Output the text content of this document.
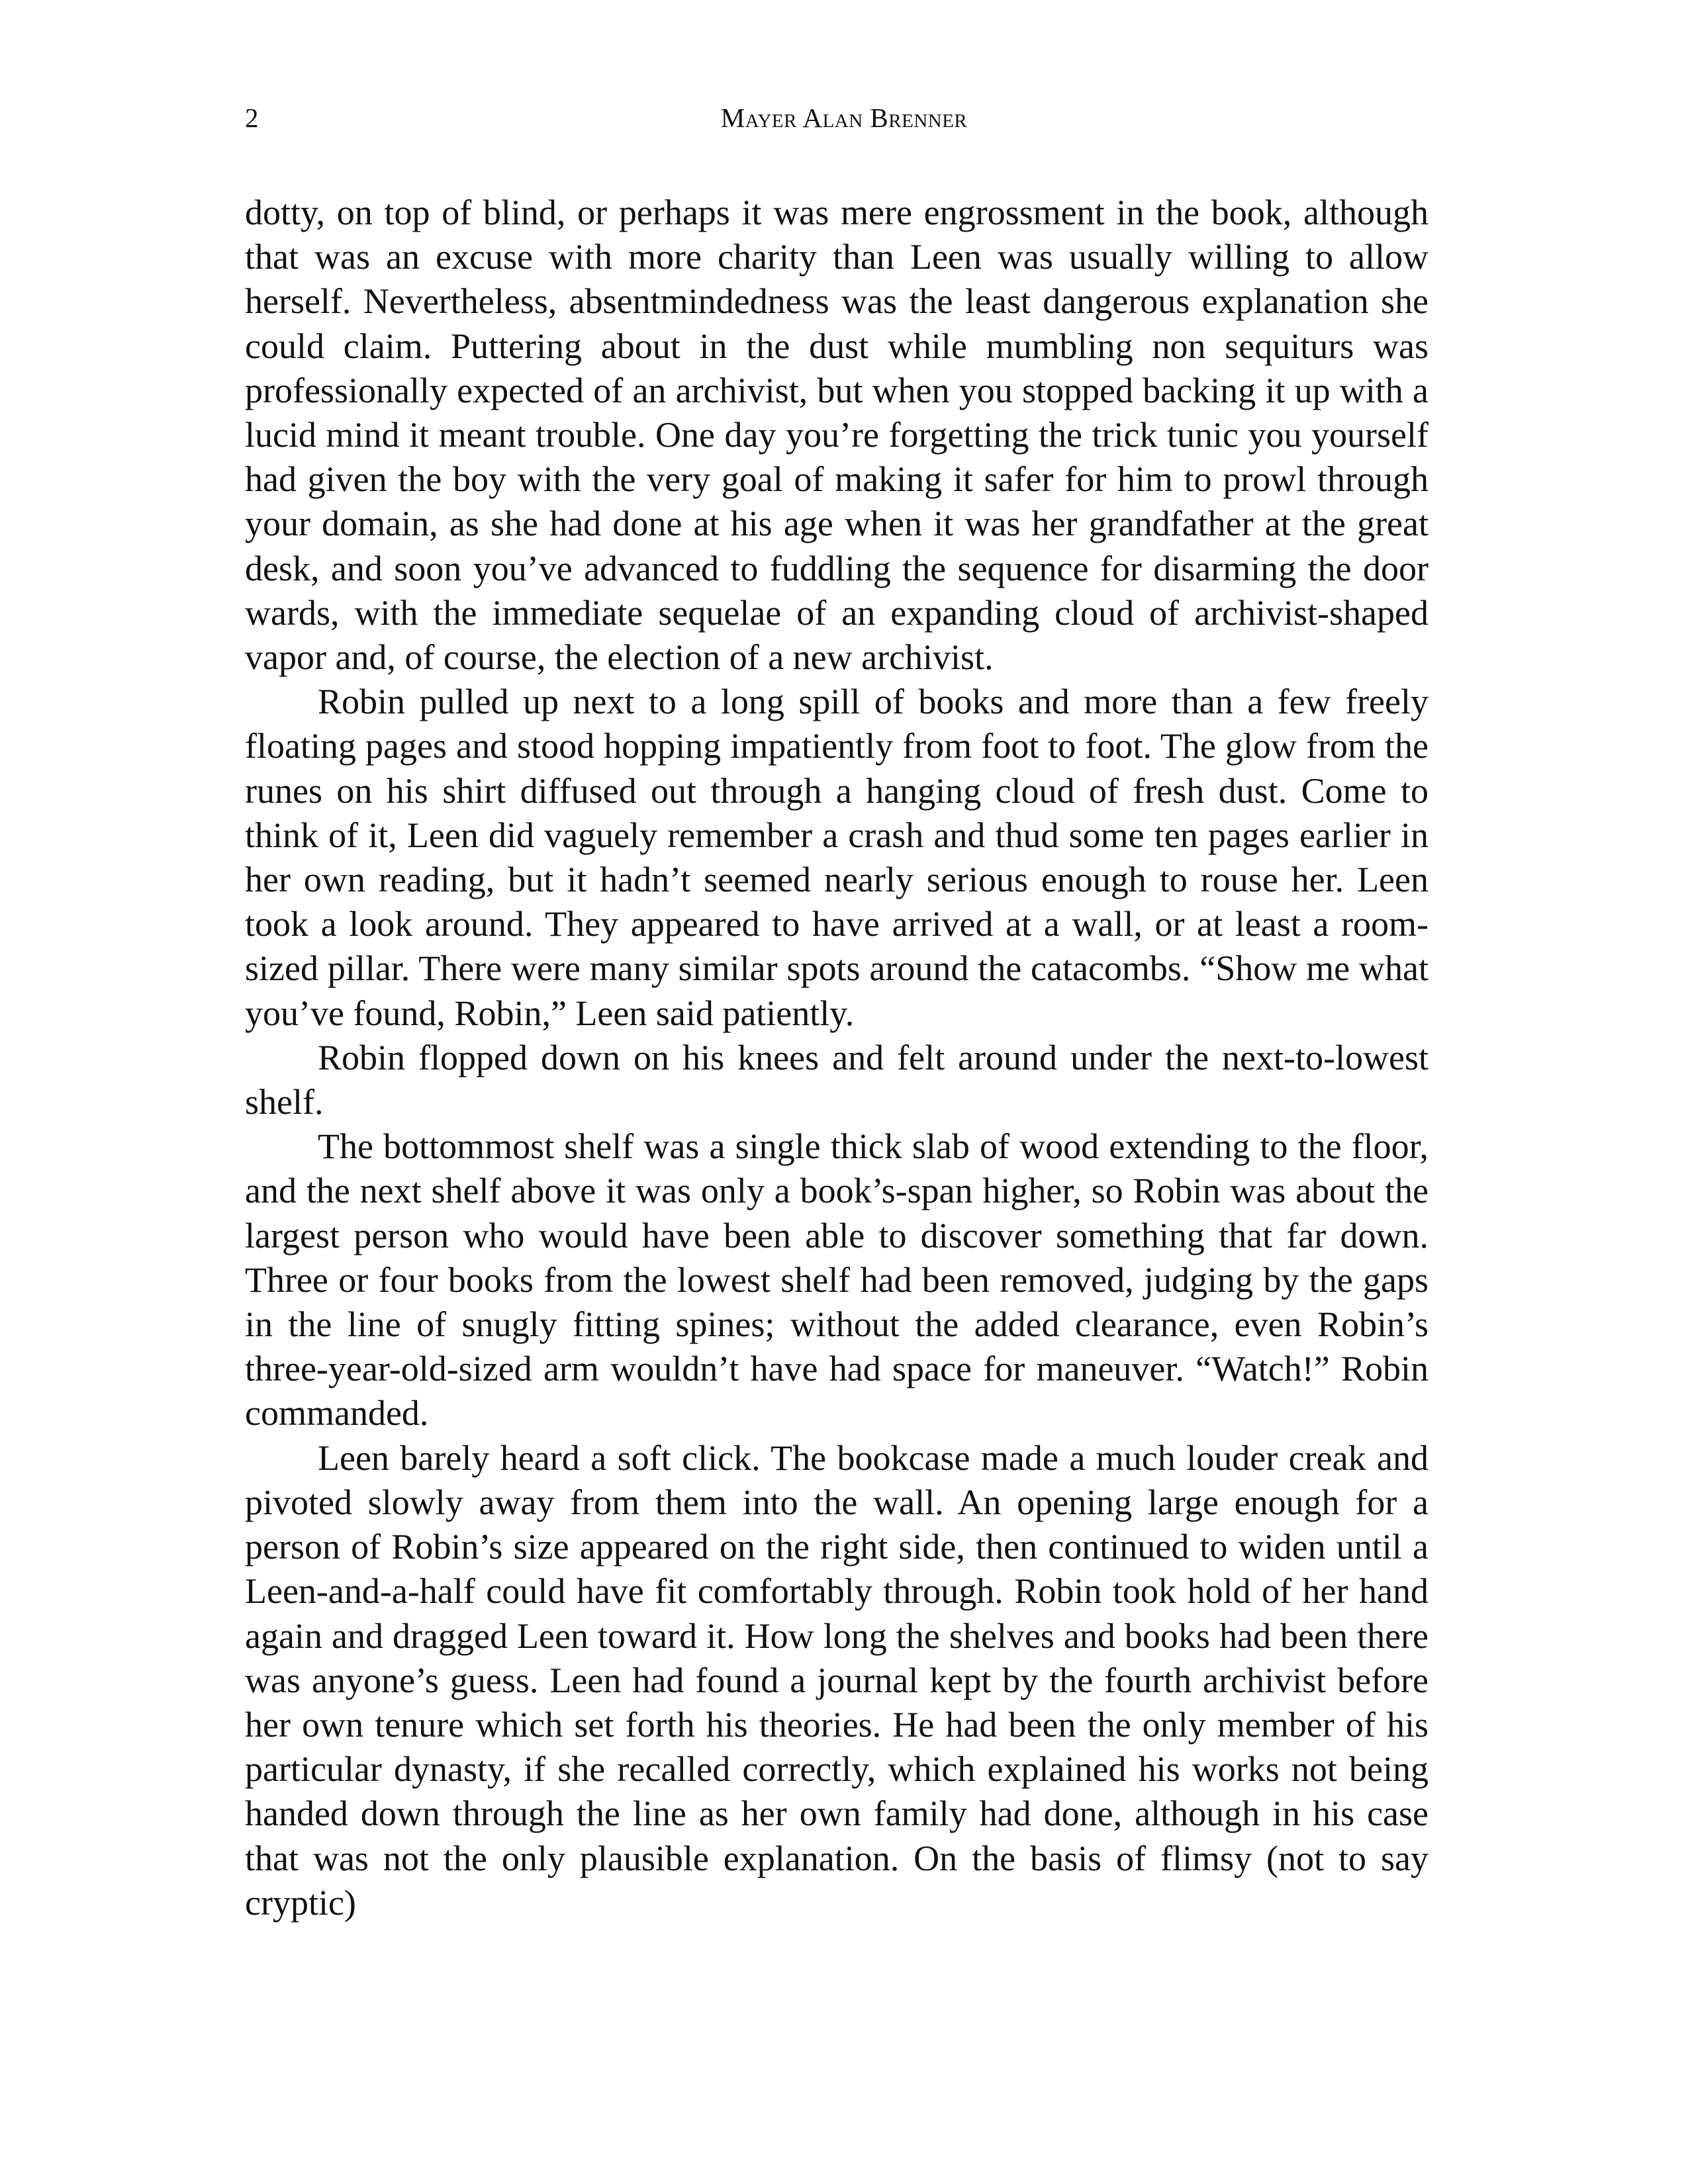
2	Mayer Alan Brenner

dotty, on top of blind, or perhaps it was mere engrossment in the book, although that was an excuse with more charity than Leen was usually willing to allow herself. Nevertheless, absentmindedness was the least dangerous explanation she could claim. Puttering about in the dust while mumbling non sequiturs was professionally expected of an archivist, but when you stopped backing it up with a lucid mind it meant trouble. One day you’re forgetting the trick tunic you yourself had given the boy with the very goal of making it safer for him to prowl through your domain, as she had done at his age when it was her grandfather at the great desk, and soon you’ve advanced to fuddling the sequence for disarming the door wards, with the immediate sequelae of an expanding cloud of archivist-shaped vapor and, of course, the election of a new archivist.

Robin pulled up next to a long spill of books and more than a few freely floating pages and stood hopping impatiently from foot to foot. The glow from the runes on his shirt diffused out through a hanging cloud of fresh dust. Come to think of it, Leen did vaguely remember a crash and thud some ten pages earlier in her own reading, but it hadn’t seemed nearly serious enough to rouse her. Leen took a look around. They appeared to have arrived at a wall, or at least a room-sized pillar. There were many similar spots around the catacombs. “Show me what you’ve found, Robin,” Leen said patiently.

Robin flopped down on his knees and felt around under the next-to-lowest shelf.

The bottommost shelf was a single thick slab of wood extending to the floor, and the next shelf above it was only a book’s-span higher, so Robin was about the largest person who would have been able to discover something that far down. Three or four books from the lowest shelf had been removed, judging by the gaps in the line of snugly fitting spines; without the added clearance, even Robin’s three-year-old-sized arm wouldn’t have had space for maneuver. “Watch!” Robin commanded.

Leen barely heard a soft click. The bookcase made a much louder creak and pivoted slowly away from them into the wall. An opening large enough for a person of Robin’s size appeared on the right side, then continued to widen until a Leen-and-a-half could have fit comfortably through. Robin took hold of her hand again and dragged Leen toward it. How long the shelves and books had been there was anyone’s guess. Leen had found a journal kept by the fourth archivist before her own tenure which set forth his theories. He had been the only member of his particular dynasty, if she recalled correctly, which explained his works not being handed down through the line as her own family had done, although in his case that was not the only plausible explanation. On the basis of flimsy (not to say cryptic)
